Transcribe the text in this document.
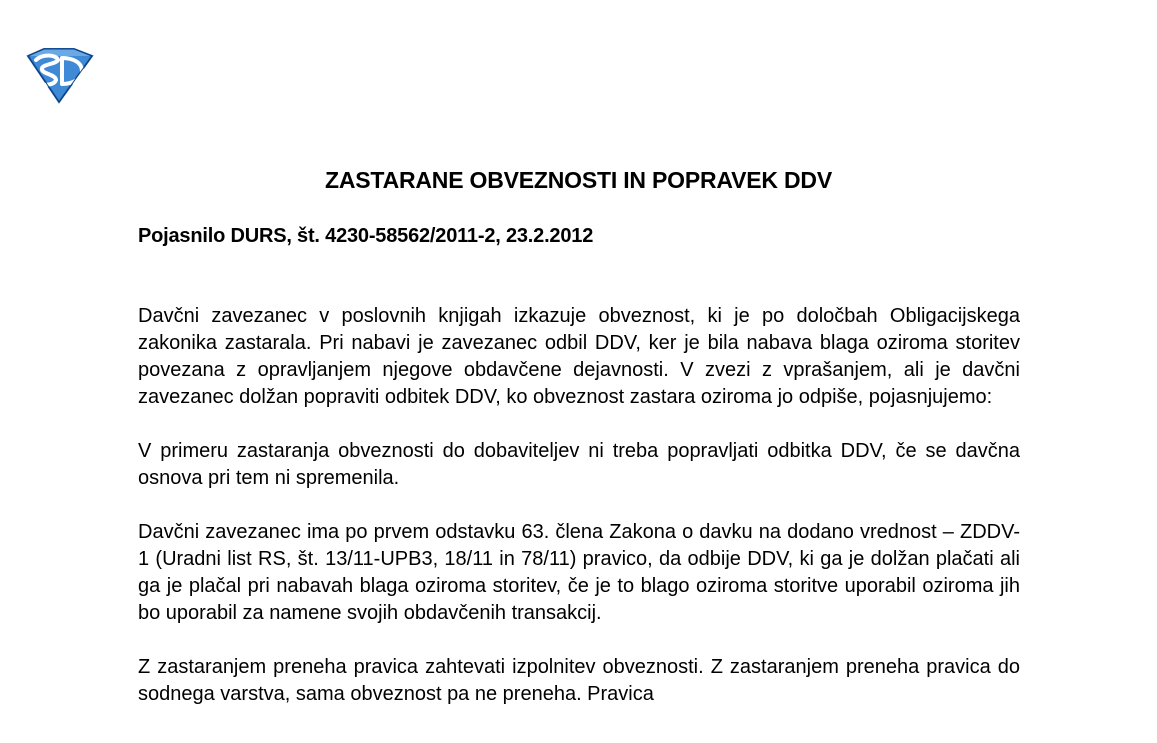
ZASTARANE OBVEZNOSTI IN POPRAVEK DDV
Pojasnilo DURS, št. 4230-58562/2011-2, 23.2.2012

Davčni zavezanec v poslovnih knjigah izkazuje obveznost, ki je po določbah Obligacijskega zakonika zastarala. Pri nabavi je zavezanec odbil DDV, ker je bila nabava blaga oziroma storitev povezana z opravljanjem njegove obdavčene dejavnosti. V zvezi z vprašanjem, ali je davčni zavezanec dolžan popraviti odbitek DDV, ko obveznost zastara oziroma jo odpiše, pojasnjujemo:

V primeru zastaranja obveznosti do dobaviteljev ni treba popravljati odbitka DDV, če se davčna osnova pri tem ni spremenila.

Davčni zavezanec ima po prvem odstavku 63. člena Zakona o davku na dodano vrednost – ZDDV-1 (Uradni list RS, št. 13/11-UPB3, 18/11 in 78/11) pravico, da odbije DDV, ki ga je dolžan plačati ali ga je plačal pri nabavah blaga oziroma storitev, če je to blago oziroma storitve uporabil oziroma jih bo uporabil za namene svojih obdavčenih transakcij.

Z zastaranjem preneha pravica zahtevati izpolnitev obveznosti. Z zastaranjem preneha pravica do sodnega varstva, sama obveznost pa ne preneha. Pravica
